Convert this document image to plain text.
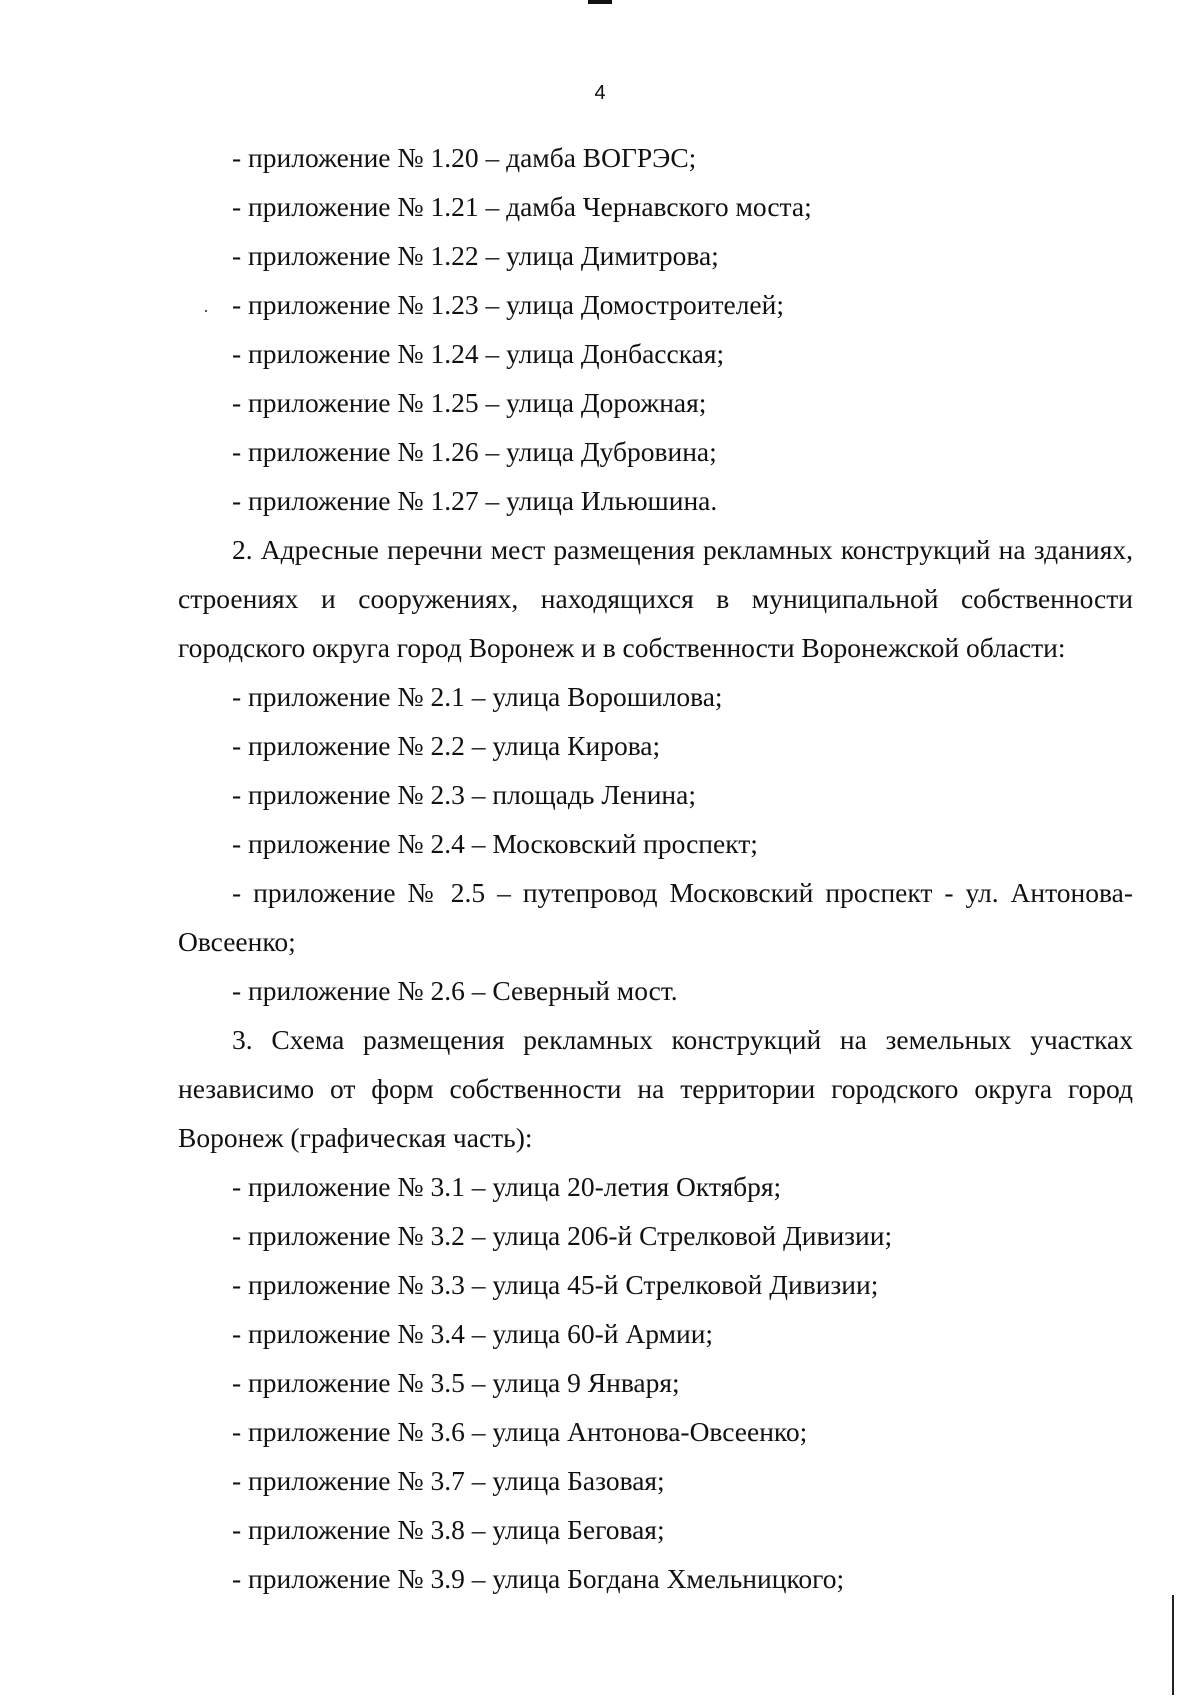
4
- приложение № 1.20 – дамба ВОГРЭС;
- приложение № 1.21 – дамба Чернавского моста;
- приложение № 1.22 – улица Димитрова;
- приложение № 1.23 – улица Домостроителей;
- приложение № 1.24 – улица Донбасская;
- приложение № 1.25 – улица Дорожная;
- приложение № 1.26 – улица Дубровина;
- приложение № 1.27 – улица Ильюшина.
2. Адресные перечни мест размещения рекламных конструкций на зданиях, строениях и сооружениях, находящихся в муниципальной собственности городского округа город Воронеж и в собственности Воронежской области:
- приложение № 2.1 – улица Ворошилова;
- приложение № 2.2 – улица Кирова;
- приложение № 2.3 – площадь Ленина;
- приложение № 2.4 – Московский проспект;
- приложение № 2.5 – путепровод Московский проспект - ул. Антонова-Овсеенко;
- приложение № 2.6 – Северный мост.
3. Схема размещения рекламных конструкций на земельных участках независимо от форм собственности на территории городского округа город Воронеж (графическая часть):
- приложение № 3.1 – улица 20-летия Октября;
- приложение № 3.2 – улица 206-й Стрелковой Дивизии;
- приложение № 3.3 – улица 45-й Стрелковой Дивизии;
- приложение № 3.4 – улица 60-й Армии;
- приложение № 3.5 – улица 9 Января;
- приложение № 3.6 – улица Антонова-Овсеенко;
- приложение № 3.7 – улица Базовая;
- приложение № 3.8 – улица Беговая;
- приложение № 3.9 – улица Богдана Хмельницкого;
